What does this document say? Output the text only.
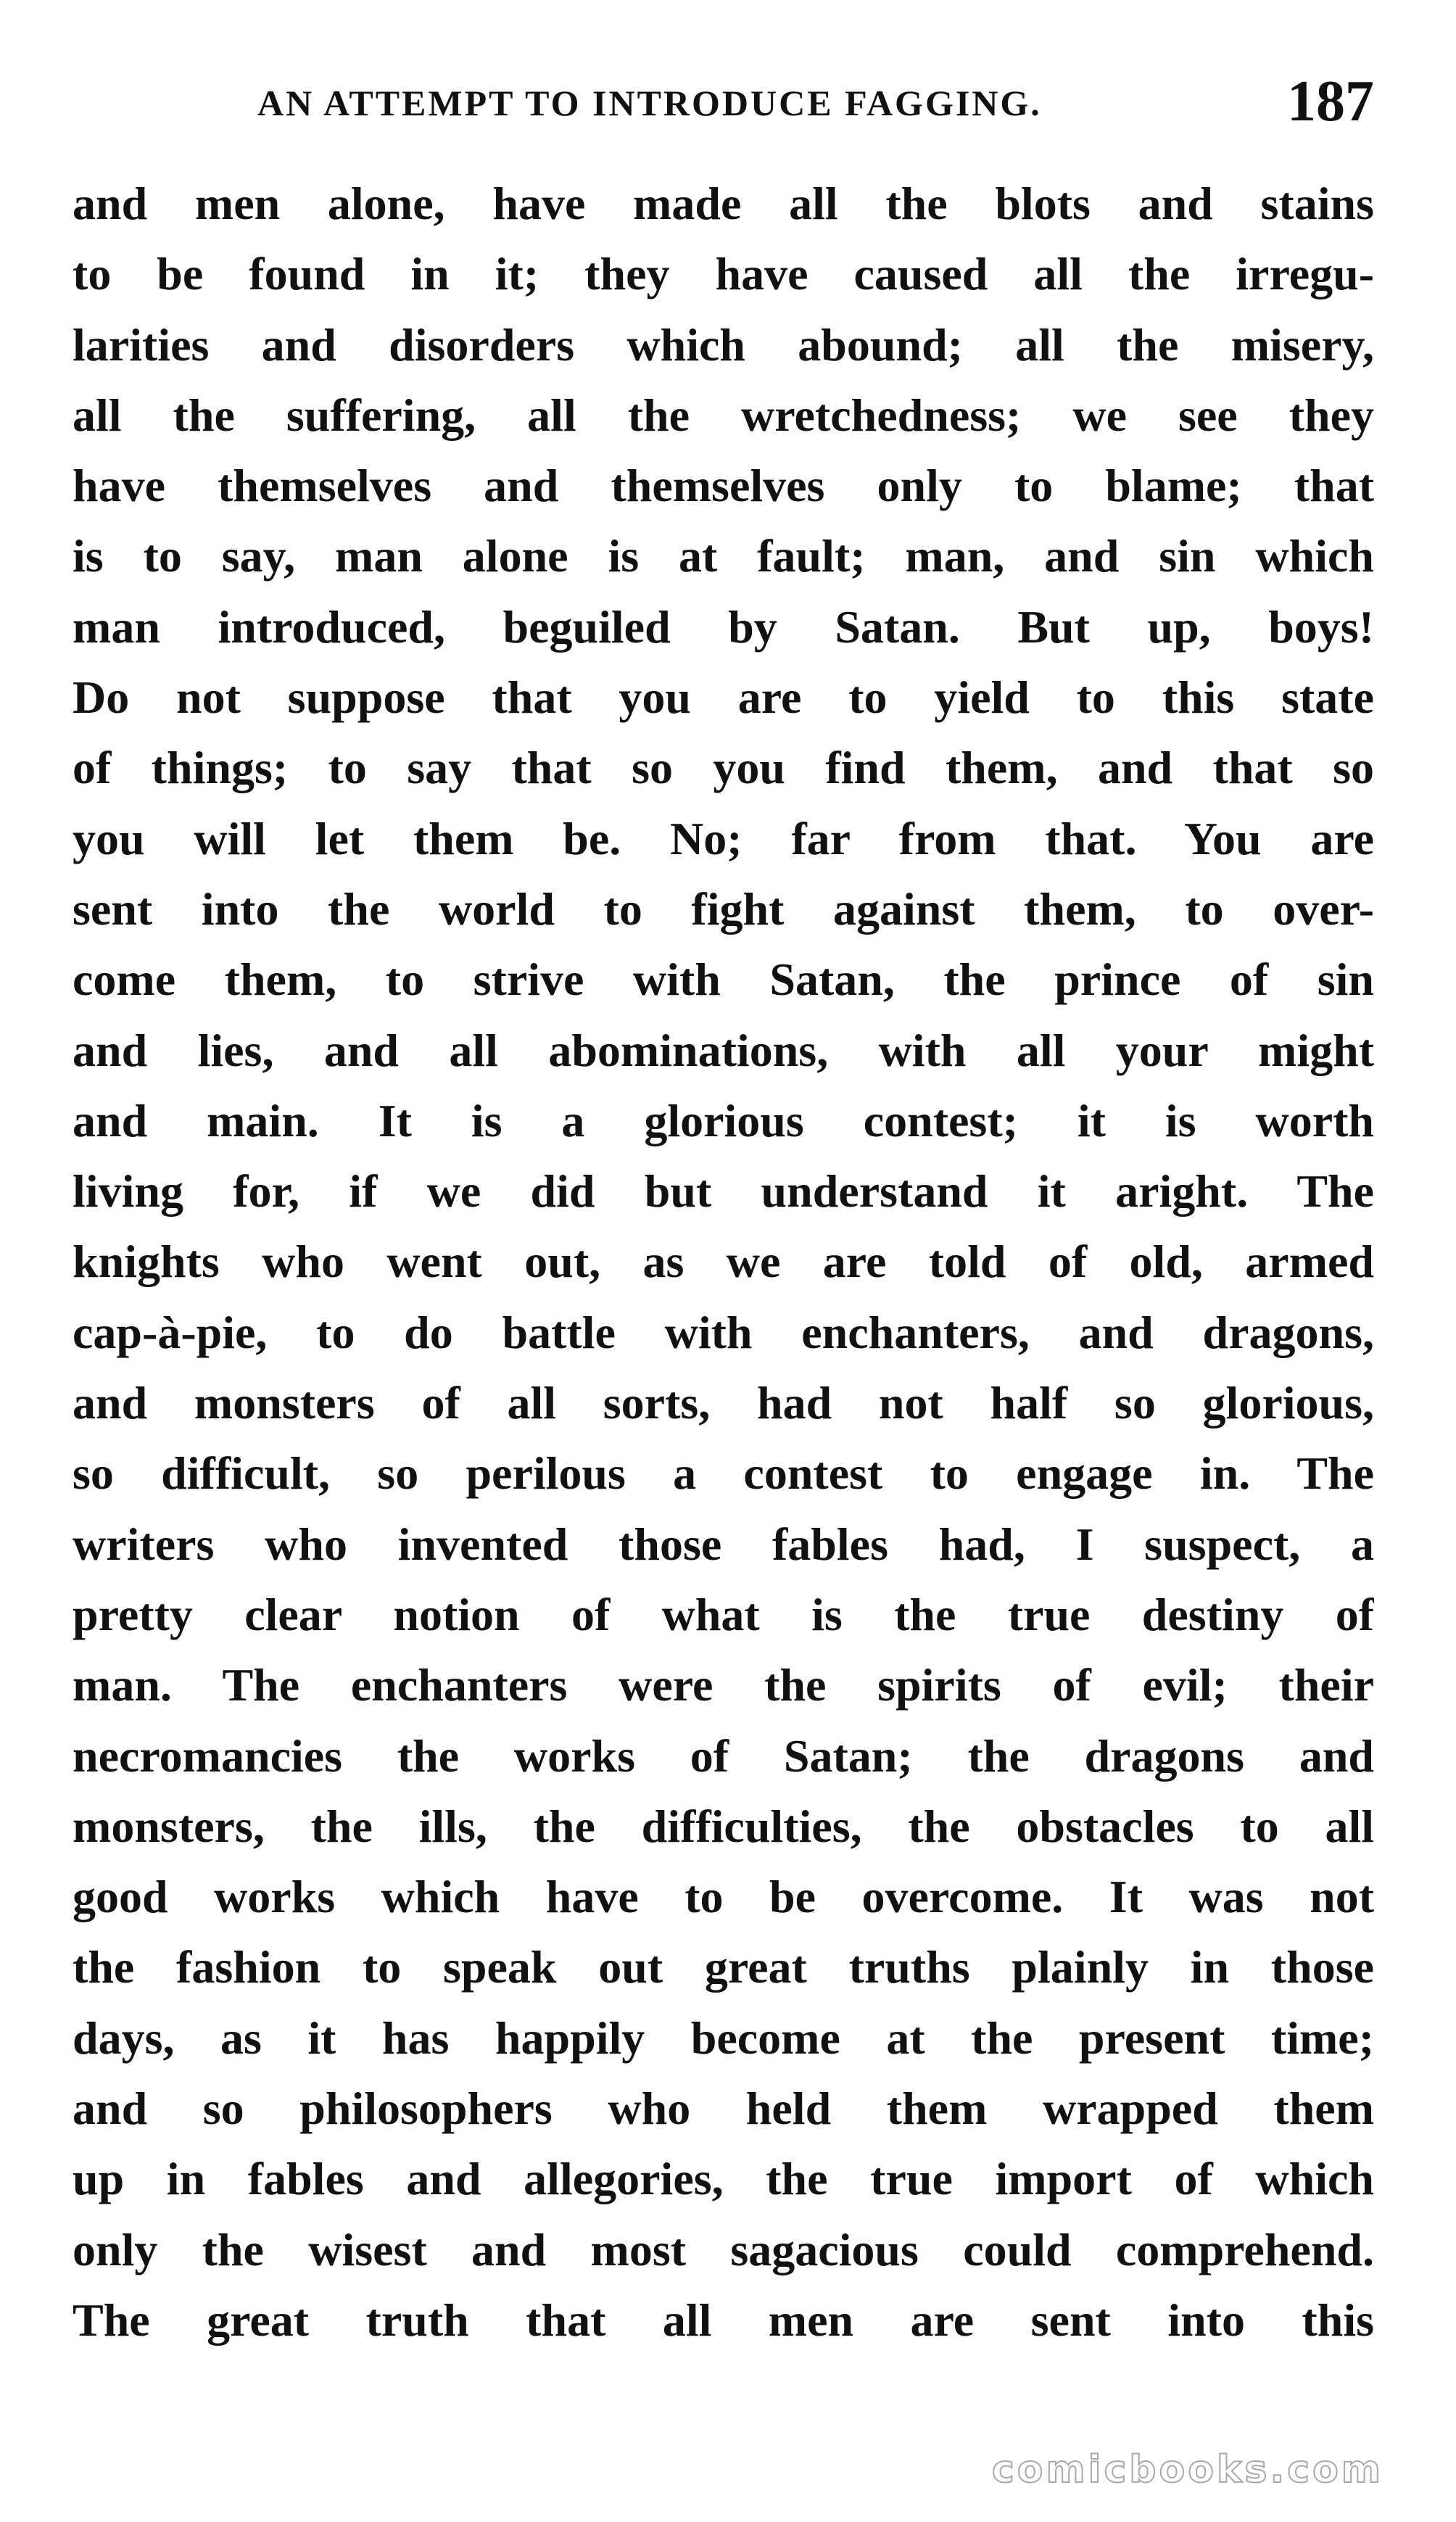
AN ATTEMPT TO INTRODUCE FAGGING.	187
and men alone, have made all the blots and stains
to be found in it; they have caused all the irregu-
larities and disorders which abound; all the misery,
all the suffering, all the wretchedness; we see they
have themselves and themselves only to blame; that
is to say, man alone is at fault; man, and sin which
man introduced, beguiled by Satan. But up, boys!
Do not suppose that you are to yield to this state
of things; to say that so you find them, and that so
you will let them be. No; far from that. You are
sent into the world to fight against them, to over-
come them, to strive with Satan, the prince of sin
and lies, and all abominations, with all your might
and main. It is a glorious contest; it is worth
living for, if we did but understand it aright. The
knights who went out, as we are told of old, armed
cap-à-pie, to do battle with enchanters, and dragons,
and monsters of all sorts, had not half so glorious,
so difficult, so perilous a contest to engage in. The
writers who invented those fables had, I suspect, a
pretty clear notion of what is the true destiny of
man. The enchanters were the spirits of evil; their
necromancies the works of Satan; the dragons and
monsters, the ills, the difficulties, the obstacles to all
good works which have to be overcome. It was not
the fashion to speak out great truths plainly in those
days, as it has happily become at the present time;
and so philosophers who held them wrapped them
up in fables and allegories, the true import of which
only the wisest and most sagacious could comprehend.
The great truth that all men are sent into this
comicbooks.com
